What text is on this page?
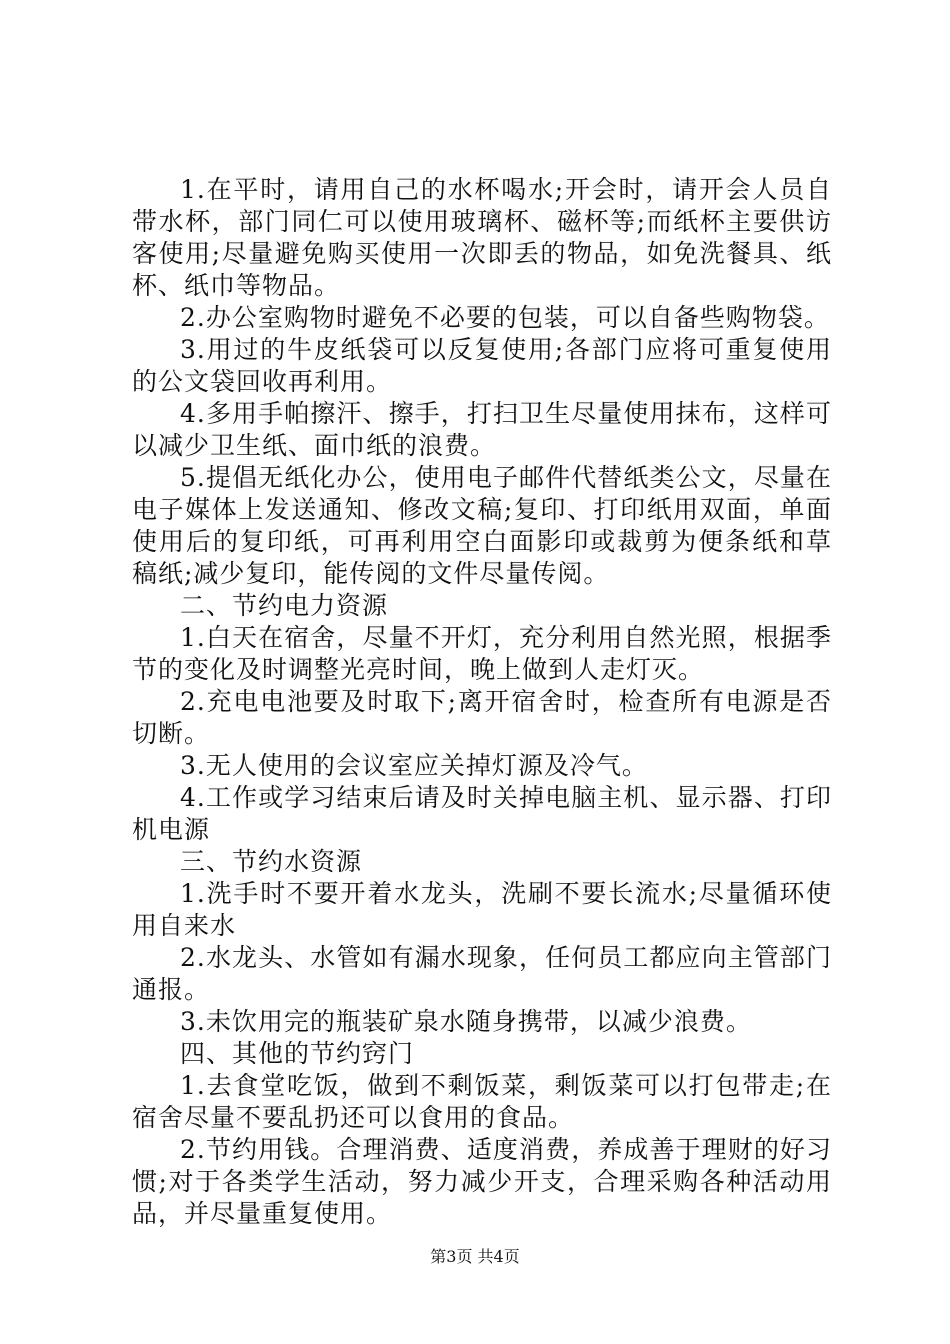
1.在平时，请用自己的水杯喝水;开会时，请开会人员自带水杯，部门同仁可以使用玻璃杯、磁杯等;而纸杯主要供访客使用;尽量避免购买使用一次即丢的物品，如免洗餐具、纸杯、纸巾等物品。

2.办公室购物时避免不必要的包装，可以自备些购物袋。

3.用过的牛皮纸袋可以反复使用;各部门应将可重复使用的公文袋回收再利用。

4.多用手帕擦汗、擦手，打扫卫生尽量使用抹布，这样可以减少卫生纸、面巾纸的浪费。

5.提倡无纸化办公，使用电子邮件代替纸类公文，尽量在电子媒体上发送通知、修改文稿;复印、打印纸用双面，单面使用后的复印纸，可再利用空白面影印或裁剪为便条纸和草稿纸;减少复印，能传阅的文件尽量传阅。

二、节约电力资源

1.白天在宿舍，尽量不开灯，充分利用自然光照，根据季节的变化及时调整光亮时间，晚上做到人走灯灭。

2.充电电池要及时取下;离开宿舍时，检查所有电源是否切断。

3.无人使用的会议室应关掉灯源及冷气。

4.工作或学习结束后请及时关掉电脑主机、显示器、打印机电源

三、节约水资源

1.洗手时不要开着水龙头，洗刷不要长流水;尽量循环使用自来水

2.水龙头、水管如有漏水现象，任何员工都应向主管部门通报。

3.未饮用完的瓶装矿泉水随身携带，以减少浪费。

四、其他的节约窍门

1.去食堂吃饭，做到不剩饭菜，剩饭菜可以打包带走;在宿舍尽量不要乱扔还可以食用的食品。

2.节约用钱。合理消费、适度消费，养成善于理财的好习惯;对于各类学生活动，努力减少开支，合理采购各种活动用品，并尽量重复使用。

第3页 共4页
